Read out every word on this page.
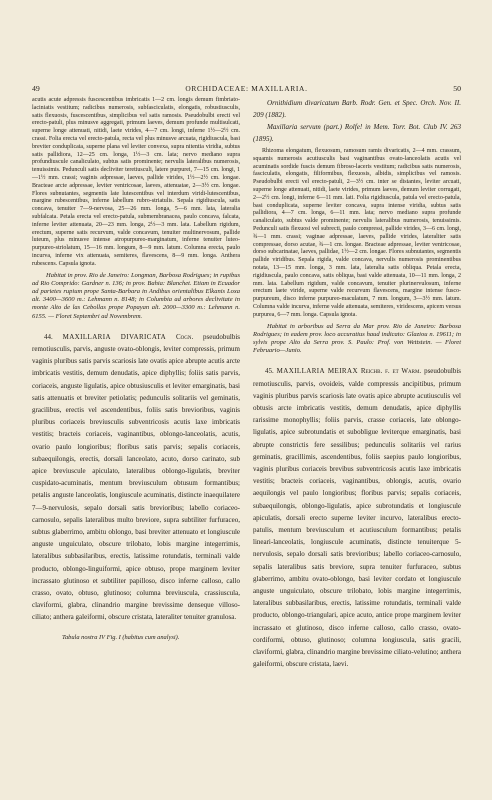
49	ORCHIDACEAE: MAXILLARIA.	50

acutis acute adpressis fuscescentibus imbricatis 1—2 cm. longis demum fimbriato-laciniatis vestitum; radicibus numerosis, subfasciculatis, elongatis, robustiusculis, satis flexuosis, fuscescentibus, simplicibus vel satis ramosis. Pseudobulbi erecti vel erecto-patuli, plus minusve aggregati, primum laeves, demum profunde multisulcati, superne longe attenuati, nitidi, laete virides, 4—7 cm. longi, inferne 1½—2½ cm. crassi. Folia erecta vel erecto-patula, recta vel plus minusve arcuata, rigidiuscula, basi breviter conduplicata, superne plana vel leviter convexa, supra nitentia viridia, subtus satis pallidiora, 12—25 cm. longa, 1½—3 cm. lata; nervo mediano supra profundiuscule canaliculato, subtus satis prominente; nervulis lateralibus numerosis, tenuissimis. Pedunculi satis decliviter teretiusculi, latere purpurei, 7—15 cm. longi, 1—1½ mm. crassi; vaginis adpressae, laeves, pallide virides, 1½—2½ cm. longae. Bracteae arcte adpressae, leviter ventricosae, laeves, attenuatae, 2—3½ cm. longae. Flores subnutantes, segmentis late lutescentibus vel interdum viridi-lutescentibus, margine rubescentibus, inferne labellum rubro-striatulis. Sepala rigidiuscula, satis concava, tenuiter 7—9-nervosa, 25—26 mm. longa, 5—6 mm. lata, lateralia subfalcata. Petala erecta vel erecto-patula, submembranacea, paulo concava, falcata, inferne leviter attenuata, 20—23 mm. longa, 2½—3 mm. lata. Labellum rigidum, erectum, superne satis recurvum, valde concavum, tenuiter multinervosum, pallide luteum, plus minusve intense atropurpureo-marginatum, inferne tenuiter luteo-purpureo-striolatum, 15—16 mm. longum, 8—9 mm. latum. Columna erecta, paulo incurva, inferne vix attenuata, semiteres, flavescens, 8—9 mm. longa. Anthera rubescens. Capsula ignota.

Habitat in prov. Rio de Janeiro: Longman, Barbosa Rodrigues; in rupibus ad Rio Comprido: Gardner n. 136; in prov. Bahia: Blanchet. Etiam in Ecuador ad parietes rupium prope Santa-Barbara in Andibus orientalibus Elkanis Loxa alt. 3400—3600 m.: Lehmann n. 8148; in Columbia ad arbores declivitate in monte Alto de las Cebollas prope Popayan alt. 2000—3300 m.: Lehmann n. 6155. — Floret Septembri ad Novembrem.

44. MAXILLARIA DIVARICATA Cogn. pseudobulbis remotiusculis, parvis, anguste ovato-oblongis, leviter compressis, primum vaginis pluribus satis parvis scariosis late ovatis apice abrupte acutis arcte imbricatis vestitis, demum denudatis, apice diphyllis; foliis satis parvis, coriaceis, anguste ligulatis, apice obtusiusculis et leviter emarginatis, basi satis attenuatis et breviter petiolatis; pedunculis solitariis vel geminatis, gracilibus, erectis vel ascendentibus, foliis satis brevioribus, vaginis pluribus coriaceis breviusculis subventricosis acutis laxe imbricatis vestitis; bracteis coriaceis, vaginantibus, oblongo-lanceolatis, acutis, ovario paulo longioribus; floribus satis parvis; sepalis coriaceis, subaequilongis, erectis, dorsali lanceolato, acuto, dorso carinato, sub apice breviuscule apiculato, lateralibus oblongo-ligulatis, breviter cuspidato-acuminatis, mentum breviusculum obtusum formantibus; petalis anguste lanceolatis, longiuscule acuminatis, distincte inaequilatere 7—9-nervulosis, sepalo dorsali satis brevioribus; labello coriaceo-carnosulo, sepalis lateralibus multo breviore, supra subtiliter furfuraceo, subtus glaberrimo, ambitu oblongo, basi breviter attenuato et longiuscule anguste unguiculato, obscure trilobato, lobis margine integerrimis, lateralibus subbasilaribus, erectis, latissime rotundatis, terminali valde producto, oblongo-linguiformi, apice obtuso, prope marginem leviter incrassato glutinoso et subtiliter papilloso, disco inferne calloso, callo crasso, ovato, obtuso, glutinoso; columna breviuscula, crassiuscula, claviformi, glabra, clinandrio margine brevissime denseque villoso-ciliato; anthera galeiformi, obscure cristata, lateraliter tenuiter granulosa.

Tabula nostra IV Fig. I (habitus cum analysi).

Ornithidium divaricatum Barb. Rodr. Gen. et Spec. Orch. Nov. II. 209 (1882).

Maxillaria servum (part.) Rolfe! in Mem. Torr. Bot. Club IV. 263 (1895).

Rhizoma elongatum, flexuosum, ramosum ramis divaricatis, 2—4 mm. crassum, squamis numerosis acutiusculis basi vaginantibus ovato-lanceolatis acutis vel acuminatis sordide fuscis demum fibroso-laceris vestitum; radicibus satis numerosis, fasciculatis, elongatis, filiformibus, flexuosis, albidis, simplicibus vel ramosis. Pseudobulbi erecti vel erecto-patuli, 2—3½ cm. inter se distantes, leviter arcuati, superne longe attenuati, nitidi, laete virides, primum laeves, demum leviter corrugati, 2—2½ cm. longi, inferne 6—11 mm. lati. Folia rigidiuscula, patula vel erecto-patula, basi conduplicata, superne leviter concava, supra intense viridia, subtus satis pallidiora, 4—7 cm. longa, 6—11 mm. lata; nervo mediano supra profunde canaliculato, subtus valde prominente; nervulis lateralibus numerosis, tenuissimis. Pedunculi satis flexuosi vel subrecti, paulo compressi, pallide virides, 3—6 cm. longi, ¾—1 mm. crassi; vaginae adpressae, laeves, pallide virides, lateraliter satis compressae, dorso acutae, ¾—1 cm. longae. Bracteae adpressae, leviter ventricosae, dorso subcarinatae, laeves, pallidae, 1½—2 cm. longae. Flores subnutantes, segmentis pallide viridibus. Sepala rigida, valde concava, nervulis numerosis prominentibus notata, 13—15 mm. longa, 3 mm. lata, lateralia satis obliqua. Petala erecta, rigidiuscula, paulo concava, satis obliqua, basi valde attenuata, 10—11 mm. longa, 2 mm. lata. Labellum rigidum, valde concavum, tenuiter plurinervulosum, inferne erectum laete viride, superne valde recurvum flavescens, margine intense fusco-purpureum, disco inferne purpureo-maculatum, 7 mm. longum, 3—3½ mm. latum. Columna valde incurva, inferne valde attenuata, semiteres, viridescens, apicem versus purpurea, 6—7 mm. longa. Capsula ignota.

Habitat in arboribus ad Serra da Mar prov. Rio de Janeiro: Barbosa Rodrigues; in eadem prov. loco accuratius haud indicato: Glaziou n. 19611; in sylvis prope Alto da Serra prov. S. Paulo: Prof. von Wettstein. — Floret Februario—Junio.

45. MAXILLARIA MEIRAX Reichb. f. et Warm. pseudobulbis remotiusculis, parvis, ovoideis, valde compressis ancipitibus, primum vaginis pluribus parvis scariosis late ovatis apice abrupte acutiusculis vel obtusis arcte imbricatis vestitis, demum denudatis, apice diphyllis rarissime monophyllis; foliis parvis, crasse coriaceis, late oblongo-ligulatis, apice subrotundatis et subobligue leviterque emarginatis, basi abrupte constrictis fere sessilibus; pedunculis solitariis vel rarius geminatis, gracillimis, ascendentibus, foliis saepius paulo longioribus, vaginis pluribus coriaceis brevibus subventricosis acutis laxe imbricatis vestitis; bracteis coriaceis, vaginantibus, oblongis, acutis, ovario aequilongis vel paulo longioribus; floribus parvis; sepalis coriaceis, subaequilongis, oblongo-ligulatis, apice subrotundatis et longiuscule apiculatis, dorsali erecto superne leviter incurvo, lateralibus erecto-patulis, mentum breviusculum et acutiusculum formantibus; petalis lineari-lanceolatis, longiuscule acuminatis, distincte tenuiterque 5-nervulosis, sepalo dorsali satis brevioribus; labello coriaceo-carnosulo, sepalis lateralibus satis breviore, supra tenuiter furfuraceo, subtus glaberrimo, ambitu ovato-oblongo, basi leviter cordato et longiuscule anguste unguiculato, obscure trilobato, lobis margine integerrimis, lateralibus subbasilaribus, erectis, latissime rotundatis, terminali valde producto, oblongo-triangulari, apice acuto, antice prope marginem leviter incrassato et glutinoso, disco inferne calloso, callo crasso, ovato-cordiformi, obtuso, glutinoso; columna longiuscula, satis gracili, claviformi, glabra, clinandrio margine brevissime ciliato-velutino; anthera galeiformi, obscure cristata, laevi.
